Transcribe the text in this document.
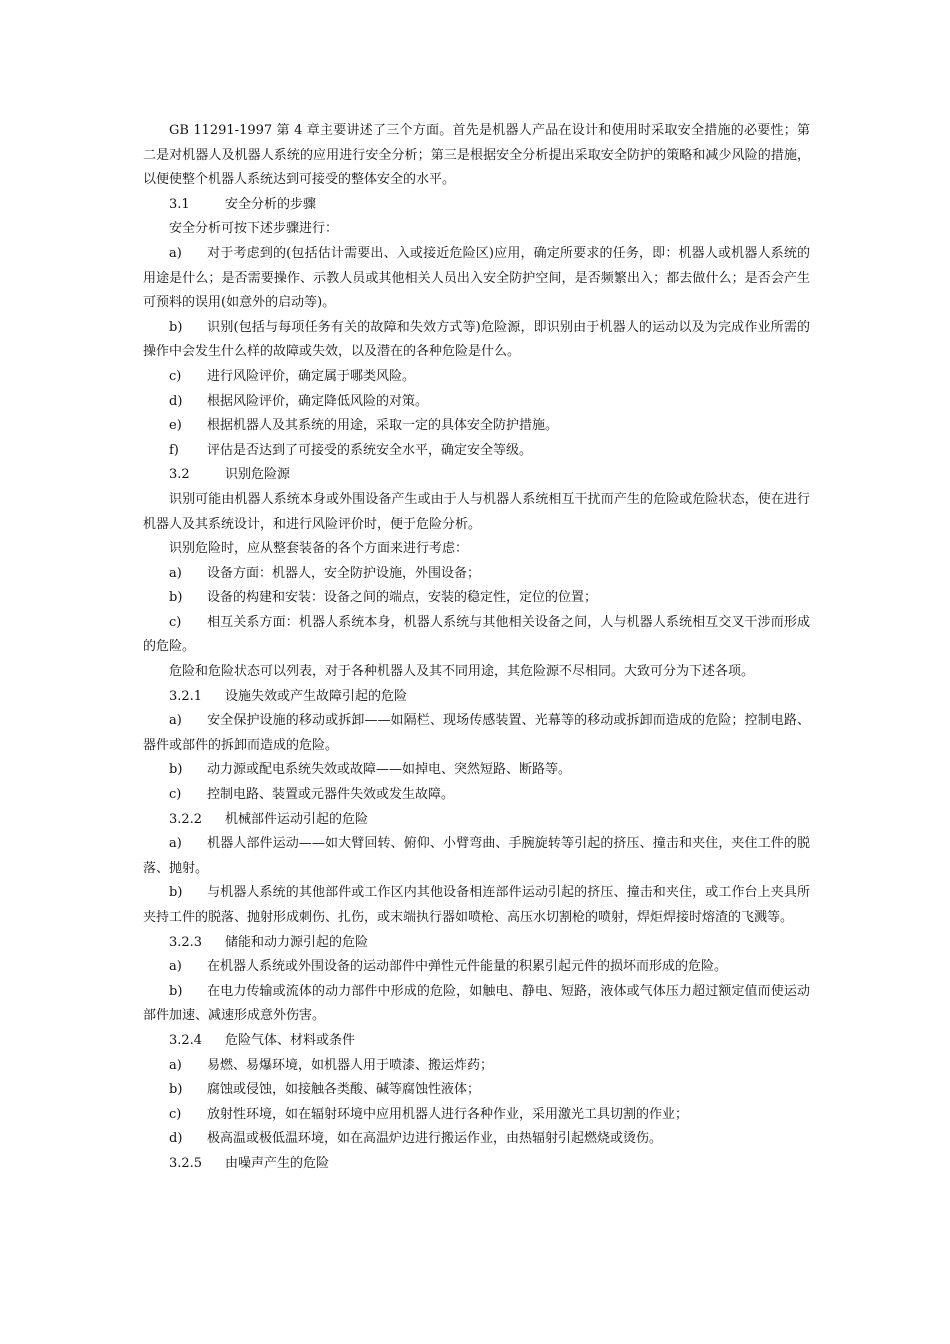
GB 11291-1997 第 4 章主要讲述了三个方面。首先是机器人产品在设计和使用时采取安全措施的必要性；第二是对机器人及机器人系统的应用进行安全分析；第三是根据安全分析提出采取安全防护的策略和减少风险的措施，以便使整个机器人系统达到可接受的整体安全的水平。
3.1	安全分析的步骤
安全分析可按下述步骤进行：
a) 对于考虑到的(包括估计需要出、入或接近危险区)应用，确定所要求的任务，即：机器人或机器人系统的用途是什么；是否需要操作、示教人员或其他相关人员出入安全防护空间，是否频繁出入；都去做什么；是否会产生可预料的误用(如意外的启动等)。
b) 识别(包括与每项任务有关的故障和失效方式等)危险源，即识别由于机器人的运动以及为完成作业所需的操作中会发生什么样的故障或失效，以及潜在的各种危险是什么。
c) 进行风险评价，确定属于哪类风险。
d) 根据风险评价，确定降低风险的对策。
e) 根据机器人及其系统的用途，采取一定的具体安全防护措施。
f) 评估是否达到了可接受的系统安全水平，确定安全等级。
3.2	识别危险源
识别可能由机器人系统本身或外围设备产生或由于人与机器人系统相互干扰而产生的危险或危险状态，使在进行机器人及其系统设计，和进行风险评价时，便于危险分析。
识别危险时，应从整套装备的各个方面来进行考虑：
a) 设备方面：机器人，安全防护设施，外围设备；
b) 设备的构建和安装：设备之间的端点，安装的稳定性，定位的位置；
c) 相互关系方面：机器人系统本身，机器人系统与其他相关设备之间，人与机器人系统相互交叉干涉而形成的危险。
危险和危险状态可以列表，对于各种机器人及其不同用途，其危险源不尽相同。大致可分为下述各项。
3.2.1 设施失效或产生故障引起的危险
a) 安全保护设施的移动或拆卸——如隔栏、现场传感装置、光幕等的移动或拆卸而造成的危险；控制电路、器件或部件的拆卸而造成的危险。
b) 动力源或配电系统失效或故障——如掉电、突然短路、断路等。
c) 控制电路、装置或元器件失效或发生故障。
3.2.2 机械部件运动引起的危险
a) 机器人部件运动——如大臂回转、俯仰、小臂弯曲、手腕旋转等引起的挤压、撞击和夹住，夹住工件的脱落、抛射。
b) 与机器人系统的其他部件或工作区内其他设备相连部件运动引起的挤压、撞击和夹住，或工作台上夹具所夹持工件的脱落、抛射形成刺伤、扎伤，或末端执行器如喷枪、高压水切割枪的喷射，焊炬焊接时熔渣的飞溅等。
3.2.3 储能和动力源引起的危险
a) 在机器人系统或外围设备的运动部件中弹性元件能量的积累引起元件的损坏而形成的危险。
b) 在电力传输或流体的动力部件中形成的危险，如触电、静电、短路，液体或气体压力超过额定值而使运动部件加速、减速形成意外伤害。
3.2.4 危险气体、材料或条件
a) 易燃、易爆环境，如机器人用于喷漆、搬运炸药；
b) 腐蚀或侵蚀，如接触各类酸、碱等腐蚀性液体；
c) 放射性环境，如在辐射环境中应用机器人进行各种作业，采用激光工具切割的作业；
d) 极高温或极低温环境，如在高温炉边进行搬运作业，由热辐射引起燃烧或烫伤。
3.2.5 由噪声产生的危险
